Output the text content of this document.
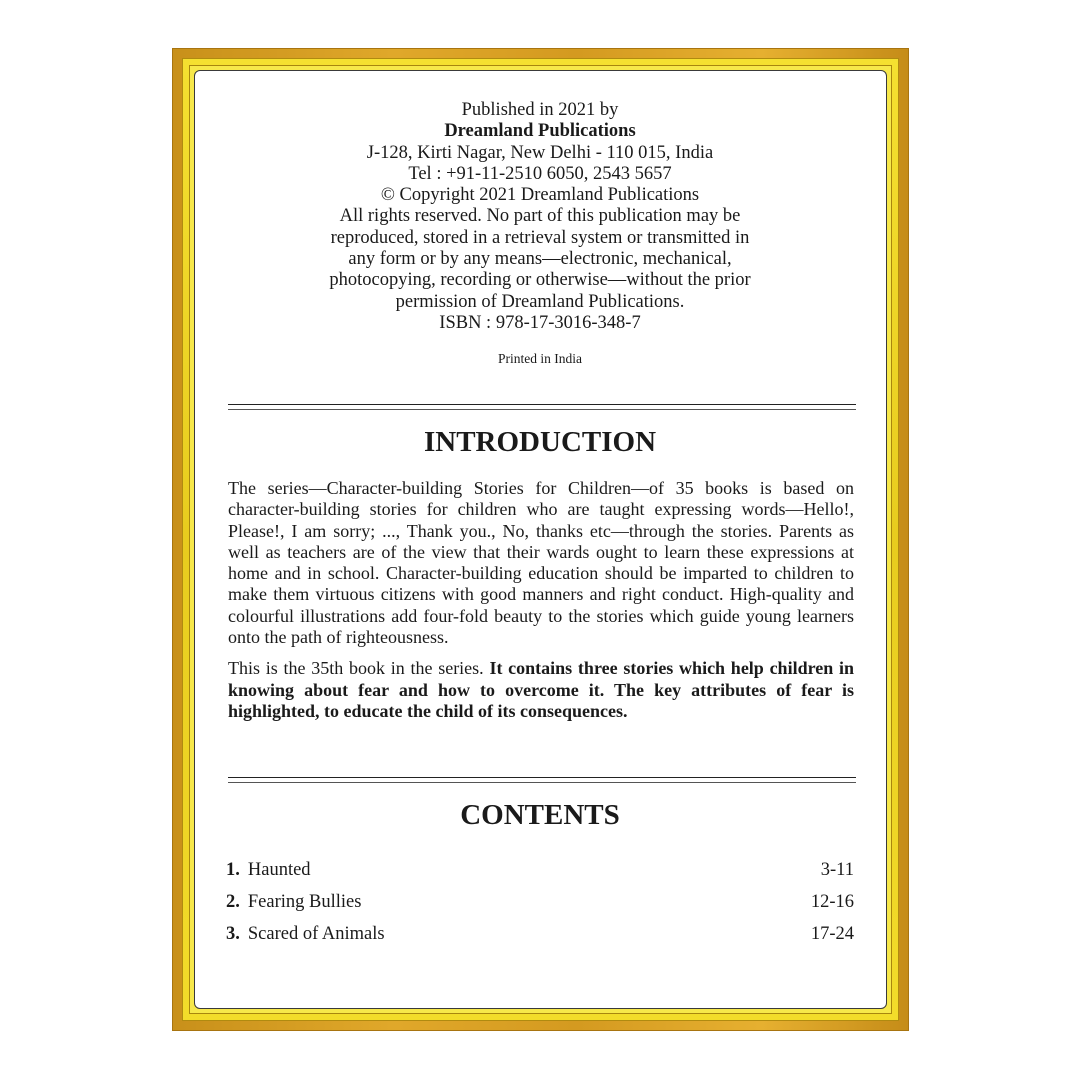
Published in 2021 by
Dreamland Publications
J-128, Kirti Nagar, New Delhi - 110 015, India
Tel : +91-11-2510 6050, 2543 5657
© Copyright 2021 Dreamland Publications
All rights reserved. No part of this publication may be
reproduced, stored in a retrieval system or transmitted in
any form or by any means—electronic, mechanical,
photocopying, recording or otherwise—without the prior
permission of Dreamland Publications.
ISBN : 978-17-3016-348-7
Printed in India
INTRODUCTION

The series—Character-building Stories for Children—of 35 books is based on character-building stories for children who are taught expressing words—Hello!, Please!, I am sorry; ..., Thank you., No, thanks etc—through the stories. Parents as well as teachers are of the view that their wards ought to learn these expressions at home and in school. Character-building education should be imparted to children to make them virtuous citizens with good manners and right conduct. High-quality and colourful illustrations add four-fold beauty to the stories which guide young learners onto the path of righteousness.

This is the 35th book in the series. It contains three stories which help children in knowing about fear and how to overcome it. The key attributes of fear is highlighted, to educate the child of its consequences.

CONTENTS
1. Haunted	3-11
2. Fearing Bullies	12-16
3. Scared of Animals	17-24
